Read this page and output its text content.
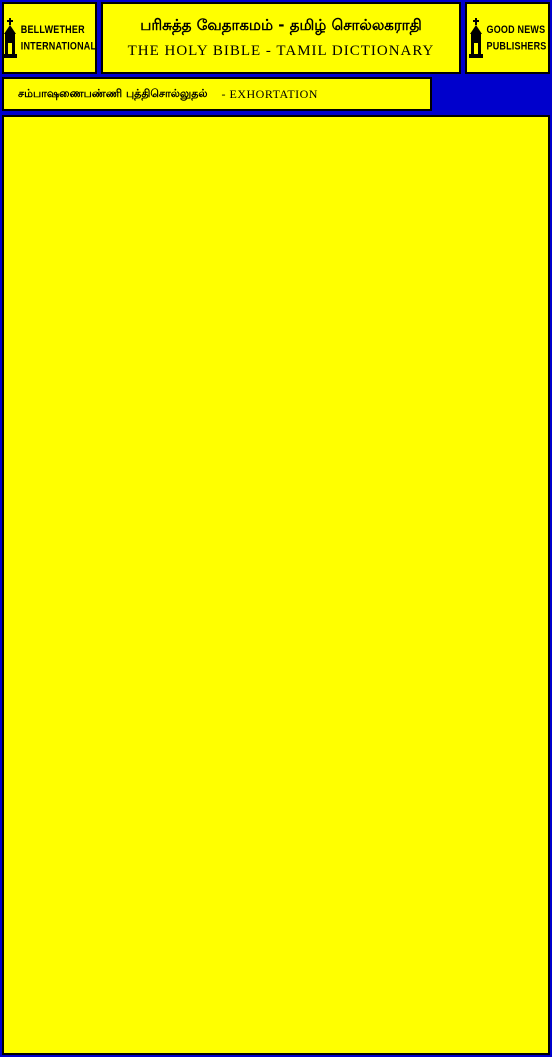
BELLWETHER
INTERNATIONAL
பரிசுத்த வேதாகமம் - தமிழ் சொல்லகராதி
THE HOLY BIBLE - TAMIL DICTIONARY
GOOD NEWS
PUBLISHERS
சம்பாஷணைபண்ணி புத்திசொல்லுதல் - EXHORTATION
